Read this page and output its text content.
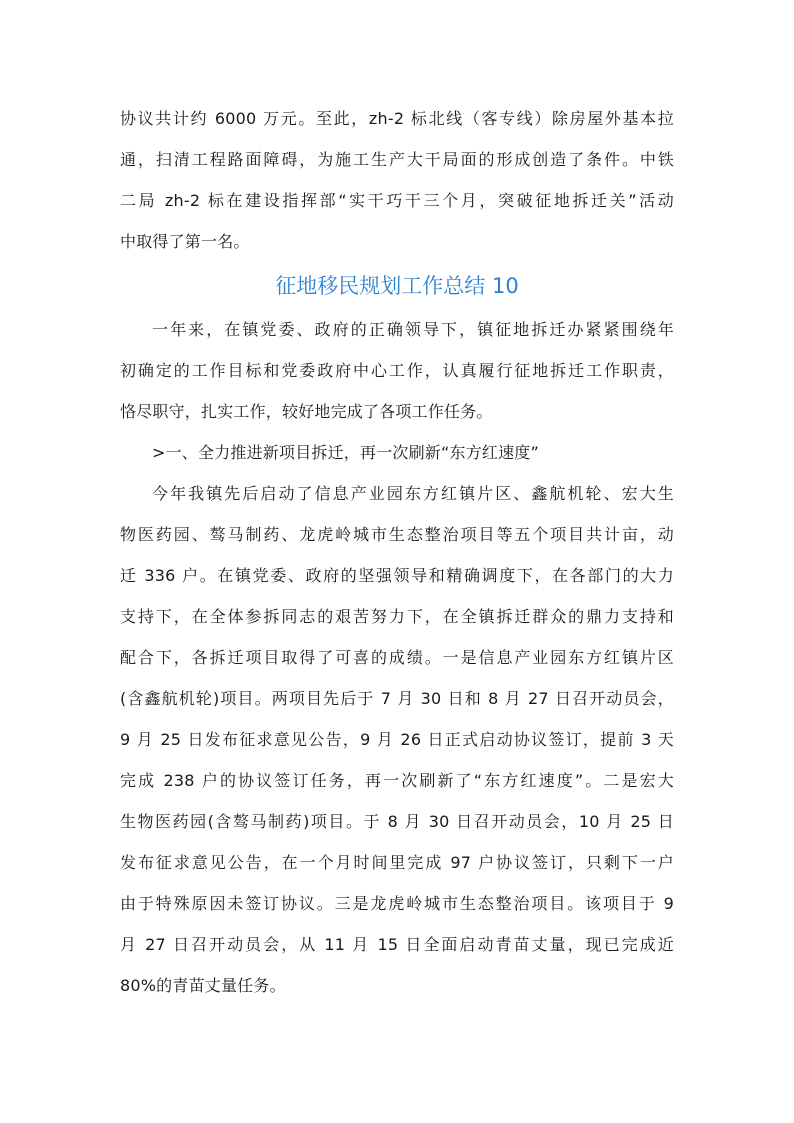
协议共计约 6000 万元。至此，zh-2 标北线（客专线）除房屋外基本拉
通，扫清工程路面障碍，为施工生产大干局面的形成创造了条件。中铁
二局 zh-2 标在建设指挥部“实干巧干三个月，突破征地拆迁关”活动
中取得了第一名。
征地移民规划工作总结 10
一年来，在镇党委、政府的正确领导下，镇征地拆迁办紧紧围绕年
初确定的工作目标和党委政府中心工作，认真履行征地拆迁工作职责，
恪尽职守，扎实工作，较好地完成了各项工作任务。
>一、全力推进新项目拆迁，再一次刷新“东方红速度”
今年我镇先后启动了信息产业园东方红镇片区、鑫航机轮、宏大生
物医药园、骜马制药、龙虎岭城市生态整治项目等五个项目共计亩，动
迁 336 户。在镇党委、政府的坚强领导和精确调度下，在各部门的大力
支持下，在全体参拆同志的艰苦努力下，在全镇拆迁群众的鼎力支持和
配合下，各拆迁项目取得了可喜的成绩。一是信息产业园东方红镇片区
(含鑫航机轮)项目。两项目先后于 7 月 30 日和 8 月 27 日召开动员会，
9 月 25 日发布征求意见公告，9 月 26 日正式启动协议签订，提前 3 天
完成 238 户的协议签订任务，再一次刷新了“东方红速度”。二是宏大
生物医药园(含骜马制药)项目。于 8 月 30 日召开动员会，10 月 25 日
发布征求意见公告，在一个月时间里完成 97 户协议签订，只剩下一户
由于特殊原因未签订协议。三是龙虎岭城市生态整治项目。该项目于 9
月 27 日召开动员会，从 11 月 15 日全面启动青苗丈量，现已完成近
80%的青苗丈量任务。
